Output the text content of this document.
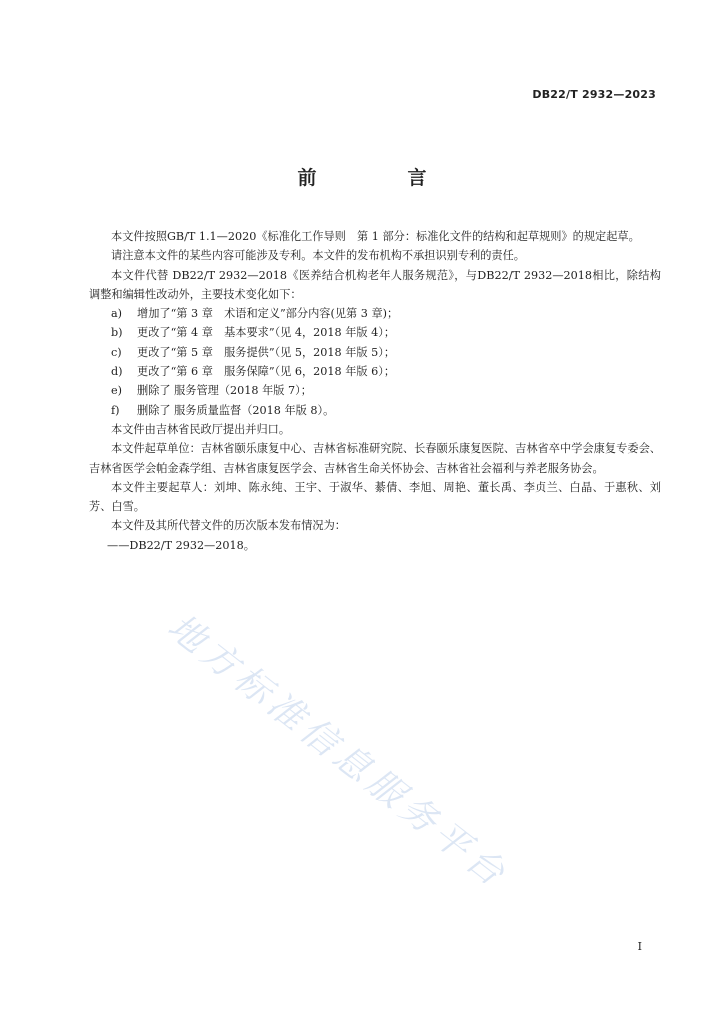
DB22/T 2932—2023
前　言

本文件按照GB/T 1.1—2020《标准化工作导则　第 1 部分：标准化文件的结构和起草规则》的规定起草。

请注意本文件的某些内容可能涉及专利。本文件的发布机构不承担识别专利的责任。

本文件代替 DB22/T 2932—2018《医养结合机构老年人服务规范》，与DB22/T 2932—2018相比，除结构调整和编辑性改动外，主要技术变化如下：

a) 增加了“第 3 章　术语和定义”部分内容(见第 3 章)；

b) 更改了“第 4 章　基本要求”（见 4，2018 年版 4）；

c) 更改了“第 5 章　服务提供”（见 5，2018 年版 5）；

d) 更改了“第 6 章　服务保障”（见 6，2018 年版 6）；

e) 删除了 服务管理（2018 年版 7）；

f) 删除了 服务质量监督（2018 年版 8）。

本文件由吉林省民政厅提出并归口。

本文件起草单位：吉林省颐乐康复中心、吉林省标准研究院、长春颐乐康复医院、吉林省卒中学会康复专委会、吉林省医学会帕金森学组、吉林省康复医学会、吉林省生命关怀协会、吉林省社会福利与养老服务协会。

本文件主要起草人：刘坤、陈永纯、王宇、于淑华、綦倩、李旭、周艳、董长禹、李贞兰、白晶、于惠秋、刘芳、白雪。

本文件及其所代替文件的历次版本发布情况为：

——DB22/T 2932—2018。

地方标准信息服务平台
I
